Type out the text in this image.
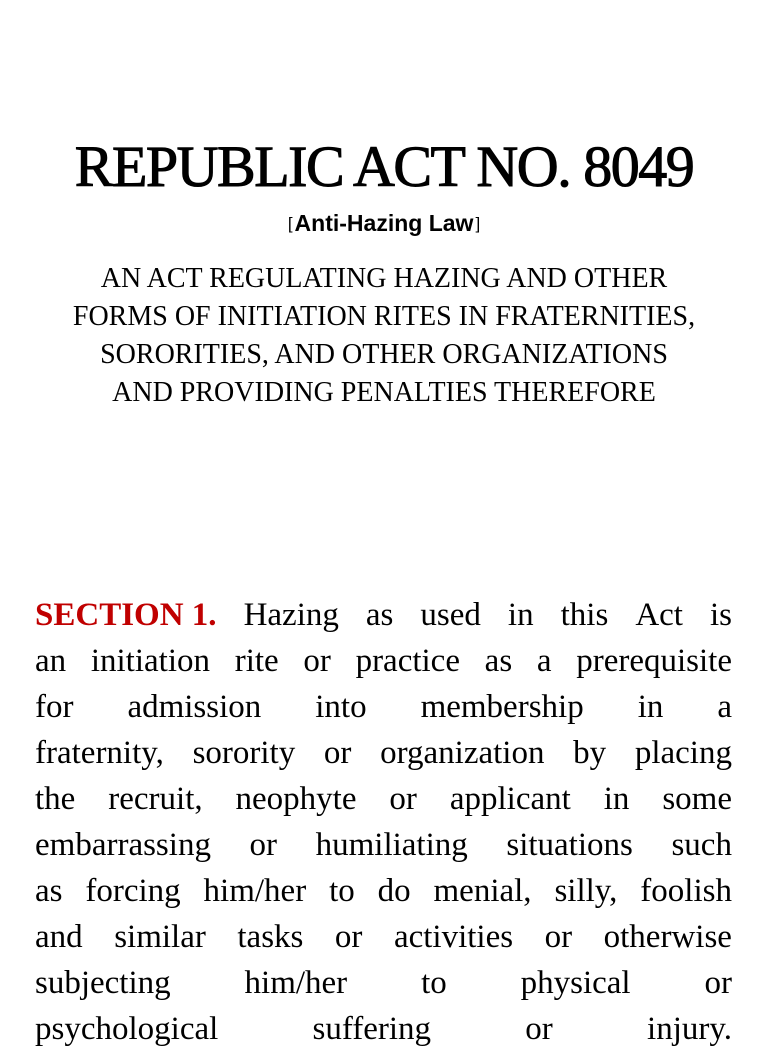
REPUBLIC ACT NO. 8049
[Anti-Hazing Law ]
AN ACT REGULATING HAZING AND OTHER
FORMS OF INITIATION RITES IN FRATERNITIES,
SORORITIES, AND OTHER ORGANIZATIONS
AND PROVIDING PENALTIES THEREFORE
SECTION 1. Hazing as used in this Act is
an initiation rite or practice as a prerequisite
for admission into membership in a
fraternity, sorority or organization by placing
the recruit, neophyte or applicant in some
embarrassing or humiliating situations such
as forcing him/her to do menial, silly, foolish
and similar tasks or activities or otherwise
subjecting him/her to physical or
psychological	suffering	or	injury.
